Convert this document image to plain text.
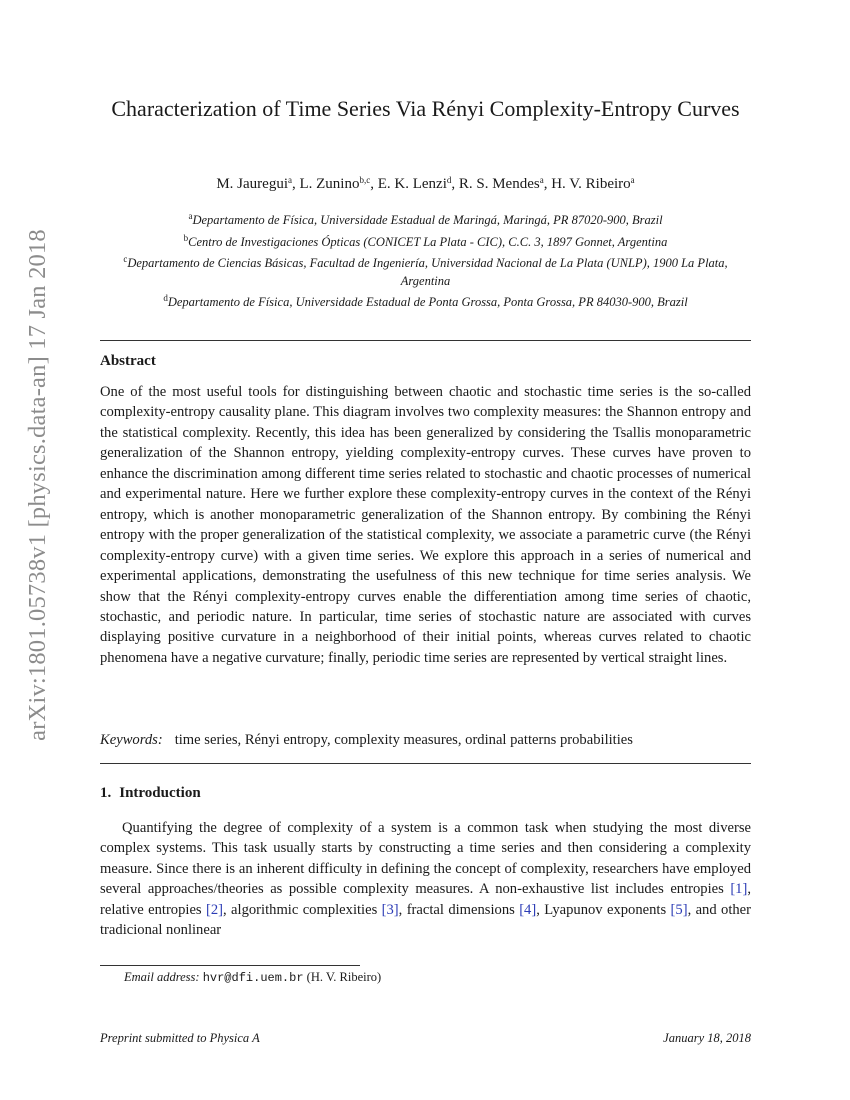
arXiv:1801.05738v1 [physics.data-an] 17 Jan 2018
Characterization of Time Series Via Rényi Complexity-Entropy Curves
M. Jauregui$^a$, L. Zunino$^{b,c}$, E. K. Lenzi$^d$, R. S. Mendes$^a$, H. V. Ribeiro$^a$

$^a$Departamento de Física, Universidade Estadual de Maringá, Maringá, PR 87020-900, Brazil

$^b$Centro de Investigaciones Ópticas (CONICET La Plata - CIC), C.C. 3, 1897 Gonnet, Argentina

$^c$Departamento de Ciencias Básicas, Facultad de Ingeniería, Universidad Nacional de La Plata (UNLP), 1900 La Plata, Argentina

$^d$Departamento de Física, Universidade Estadual de Ponta Grossa, Ponta Grossa, PR 84030-900, Brazil

Abstract

One of the most useful tools for distinguishing between chaotic and stochastic time series is the so-called complexity-entropy causality plane. This diagram involves two complexity measures: the Shannon entropy and the statistical complexity. Recently, this idea has been generalized by considering the Tsallis monoparametric generalization of the Shannon entropy, yielding complexity-entropy curves. These curves have proven to enhance the discrimination among different time series related to stochastic and chaotic processes of numerical and experimental nature. Here we further explore these complexity-entropy curves in the context of the Rényi entropy, which is another monoparametric generalization of the Shannon entropy. By combining the Rényi entropy with the proper generalization of the statistical complexity, we associate a parametric curve (the Rényi complexity-entropy curve) with a given time series. We explore this approach in a series of numerical and experimental applications, demonstrating the usefulness of this new technique for time series analysis. We show that the Rényi complexity-entropy curves enable the differentiation among time series of chaotic, stochastic, and periodic nature. In particular, time series of stochastic nature are associated with curves displaying positive curvature in a neighborhood of their initial points, whereas curves related to chaotic phenomena have a negative curvature; finally, periodic time series are represented by vertical straight lines.

Keywords: time series, Rényi entropy, complexity measures, ordinal patterns probabilities
1. Introduction

Quantifying the degree of complexity of a system is a common task when studying the most diverse complex systems. This task usually starts by constructing a time series and then considering a complexity measure. Since there is an inherent difficulty in defining the concept of complexity, researchers have employed several approaches/theories as possible complexity measures. A non-exhaustive list includes entropies [1], relative entropies [2], algorithmic complexities [3], fractal dimensions [4], Lyapunov exponents [5], and other tradicional nonlinear

Email address: hvr@dfi.uem.br (H. V. Ribeiro)
Preprint submitted to Physica A	January 18, 2018
